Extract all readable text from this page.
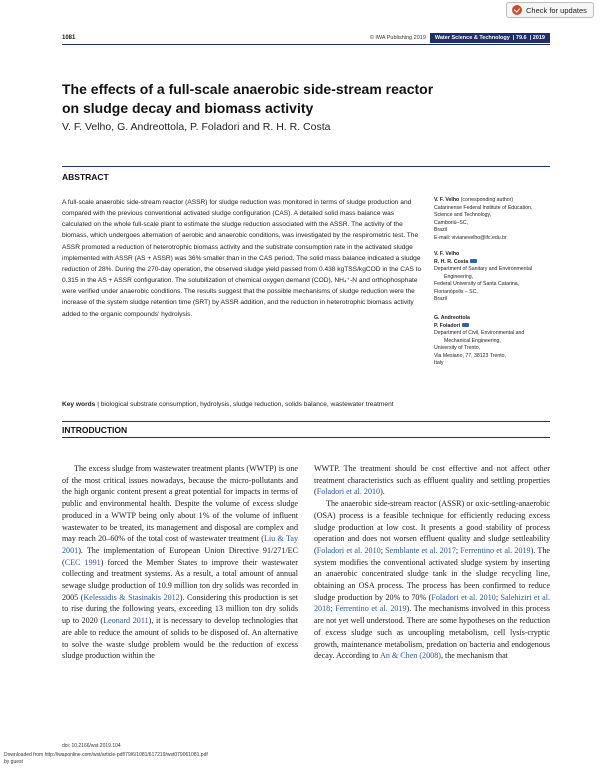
1081	© IWA Publishing 2019	Water Science & Technology  | 79.6  | 2019
Check for updates
The effects of a full-scale anaerobic side-stream reactor on sludge decay and biomass activity
V. F. Velho, G. Andreottola, P. Foladori and R. H. R. Costa
ABSTRACT
A full-scale anaerobic side-stream reactor (ASSR) for sludge reduction was monitored in terms of sludge production and compared with the previous conventional activated sludge configuration (CAS). A detailed solid mass balance was calculated on the whole full-scale plant to estimate the sludge reduction associated with the ASSR. The activity of the biomass, which undergoes alternation of aerobic and anaerobic conditions, was investigated by the respirometric test. The ASSR promoted a reduction of heterotrophic biomass activity and the substrate consumption rate in the activated sludge implemented with ASSR (AS + ASSR) was 36% smaller than in the CAS period. The solid mass balance indicated a sludge reduction of 28%. During the 270-day operation, the observed sludge yield passed from 0.438 kgTSS/kgCOD in the CAS to 0.315 in the AS + ASSR configuration. The solubilization of chemical oxygen demand (COD), NH₄⁺-N and orthophosphate were verified under anaerobic conditions. The results suggest that the possible mechanisms of sludge reduction were the increase of the system sludge retention time (SRT) by ASSR addition, and the reduction in heterotrophic biomass activity added to the organic compounds' hydrolysis.
Key words | biological substrate consumption, hydrolysis, sludge reduction, solids balance, wastewater treatment
V. F. Velho (corresponding author)
Catarinense Federal Institute of Education,
Science and Technology,
Camboriú–SC,
Brazil
E-mail: vivianevelho@ifc.edu.br
V. F. Velho
R. H. R. Costa
Department of Sanitary and Environmental
Engineering,
Federal University of Santa Catarina,
Florianópolis – SC,
Brazil
G. Andreottola
P. Foladori
Department of Civil, Environmental and
Mechanical Engineering,
University of Trento,
Via Mesiano, 77, 38123 Trento,
Italy
INTRODUCTION

The excess sludge from wastewater treatment plants (WWTP) is one of the most critical issues nowadays, because the micro-pollutants and the high organic content present a great potential for impacts in terms of public and environmental health. Despite the volume of excess sludge produced in a WWTP being only about 1% of the volume of influent wastewater to be treated, its management and disposal are complex and may reach 20–60% of the total cost of wastewater treatment (Liu & Tay 2001). The implementation of European Union Directive 91/271/EC (CEC 1991) forced the Member States to improve their wastewater collecting and treatment systems. As a result, a total amount of annual sewage sludge production of 10.9 million ton dry solids was recorded in 2005 (Kelessidis & Stasinakis 2012). Considering this production is set to rise during the following years, exceeding 13 million ton dry solids up to 2020 (Leonard 2011), it is necessary to develop technologies that are able to reduce the amount of solids to be disposed of. An alternative to solve the waste sludge problem would be the reduction of excess sludge production within the

WWTP. The treatment should be cost effective and not affect other treatment characteristics such as effluent quality and settling properties (Foladori et al. 2010).

The anaerobic side-stream reactor (ASSR) or oxic-settling-anaerobic (OSA) process is a feasible technique for efficiently reducing excess sludge production at low cost. It presents a good stability of process operation and does not worsen effluent quality and sludge settleability (Foladori et al. 2010; Semblante et al. 2017; Ferrentino et al. 2019). The system modifies the conventional activated sludge system by inserting an anaerobic concentrated sludge tank in the sludge recycling line, obtaining an OSA process. The process has been confirmed to reduce sludge production by 20% to 70% (Foladori et al. 2010; Salehiziri et al. 2018; Ferrentino et al. 2019). The mechanisms involved in this process are not yet well understood. There are some hypotheses on the reduction of excess sludge such as uncoupling metabolism, cell lysis-cryptic growth, maintenance metabolism, predation on bacteria and endogenous decay. According to An & Chen (2008), the mechanism that

doi: 10.2166/wst.2019.104
Downloaded from http://iwaponline.com/wst/article-pdf/79/6/1081/617219/wst079061081.pdf
by guest
